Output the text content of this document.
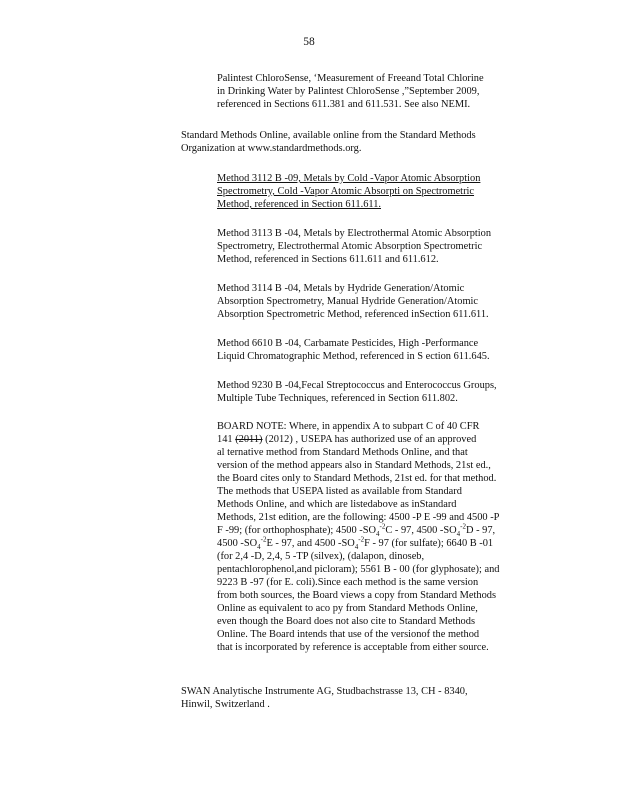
58
Palintest ChloroSense, ‘Measurement of Freeand Total Chlorine
in Drinking Water by Palintest ChloroSense ,”September 2009,
referenced in Sections 611.381 and 611.531. See also NEMI.
Standard Methods Online, available online from the Standard Methods
Organization at www.standardmethods.org.
Method 3112 B -09, Metals by Cold -Vapor Atomic Absorption
Spectrometry, Cold -Vapor Atomic Absorpti on Spectrometric
Method, referenced in Section 611.611.
Method 3113 B -04, Metals by Electrothermal Atomic Absorption
Spectrometry, Electrothermal Atomic Absorption Spectrometric
Method, referenced in Sections 611.611 and 611.612.
Method 3114 B -04, Metals by Hydride Generation/Atomic
Absorption Spectrometry, Manual Hydride Generation/Atomic
Absorption Spectrometric Method, referenced inSection 611.611.
Method 6610 B -04, Carbamate Pesticides, High -Performance
Liquid Chromatographic Method, referenced in S ection 611.645.
Method 9230 B -04,Fecal Streptococcus and Enterococcus Groups,
Multiple Tube Techniques, referenced in Section 611.802.
BOARD NOTE: Where, in appendix A to subpart C of 40 CFR
141 (2011) (2012) , USEPA has authorized use of an approved
al ternative method from Standard Methods Online, and that
version of the method appears also in Standard Methods, 21st ed.,
the Board cites only to Standard Methods, 21st ed. for that method.
The methods that USEPA listed as available from Standard
Methods Online, and which are listedabove as inStandard
Methods, 21st edition, are the following: 4500 -P E -99 and 4500 -P
F -99; (for orthophosphate); 4500 $-SO_4^{-2}C - 97$, 4500 $-SO_4^{-2}D - 97$,
4500 $-SO_4^{-2}E - 97$, and 4500 $-SO_4^{-2}F - 97$ (for sulfate); 6640 B -01
(for 2,4 -D, 2,4, 5 -TP (silvex), (dalapon, dinoseb,
pentachlorophenol,and picloram); 5561 B - 00 (for glyphosate); and
9223 B -97 (for E. coli).Since each method is the same version
from both sources, the Board views a copy from Standard Methods
Online as equivalent to aco py from Standard Methods Online,
even though the Board does not also cite to Standard Methods
Online. The Board intends that use of the versionof the method
that is incorporated by reference is acceptable from either source.
SWAN Analytische Instrumente AG, Studbachstrasse 13, CH - 8340,
Hinwil, Switzerland .
